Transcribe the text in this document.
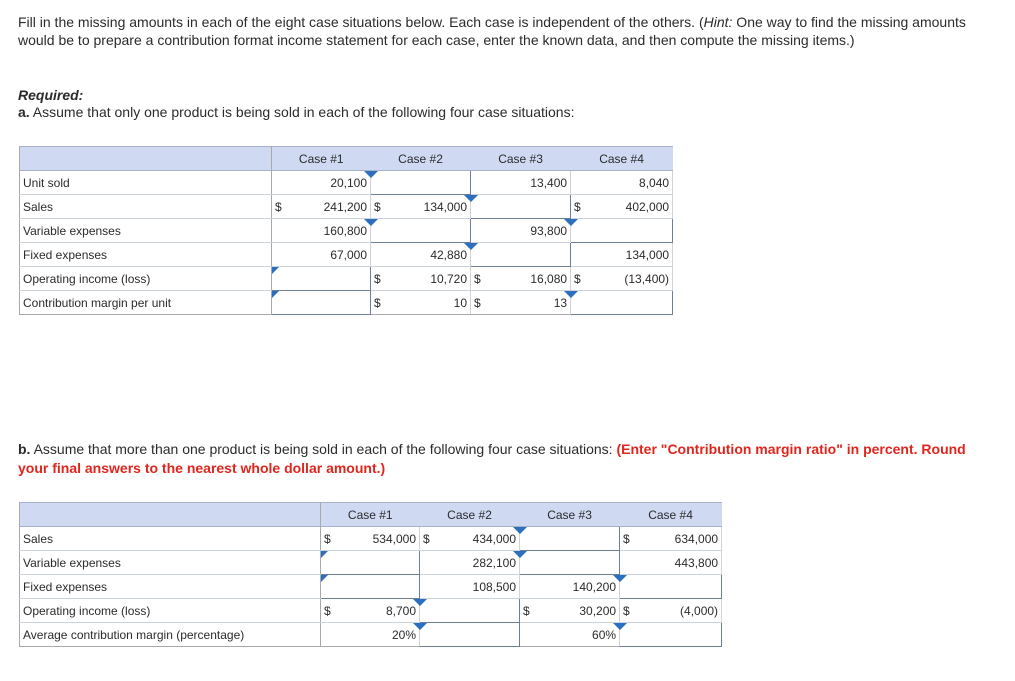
Fill in the missing amounts in each of the eight case situations below. Each case is independent of the others. (Hint: One way to find the missing amounts would be to prepare a contribution format income statement for each case, enter the known data, and then compute the missing items.)
Required:
a. Assume that only one product is being sold in each of the following four case situations:
	Case #1		Case #2		Case #3		Case #4	
Unit sold		20,100				13,400		8,040
Sales	$	241,200	$	134,000			$	402,000
Variable expenses		160,800				93,800	

Fixed expenses		67,000		42,880				134,000
Operating income (loss)			$	10,720	$	16,080	$	(13,400)
Contribution margin per unit			$	10	$	13	

b. Assume that more than one product is being sold in each of the following four case situations: (Enter "Contribution margin ratio" in percent. Round your final answers to the nearest whole dollar amount.)
	Case #1		Case #2		Case #3		Case #4	
Sales	$	534,000	$	434,000			$	634,000
Variable expenses				282,100				443,800
Fixed expenses				108,500		140,200	

Operating income (loss)	$	8,700			$	30,200	$	(4,000)
Average contribution margin (percentage)		20%				60%	
